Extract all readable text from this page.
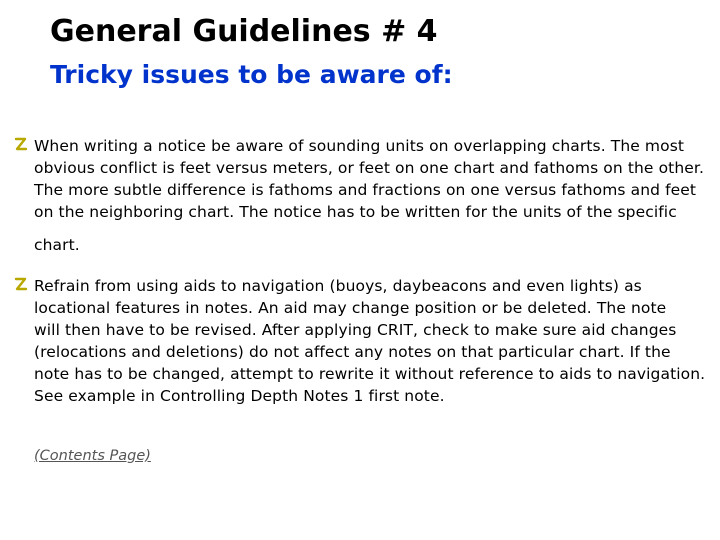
General Guidelines # 4
Tricky issues to be aware of:
When writing a notice be aware of sounding units on overlapping charts. The most
obvious conflict is feet versus meters, or feet on one chart and fathoms on the other.
The more subtle difference is fathoms and fractions on one versus fathoms and feet
on the neighboring chart. The notice has to be written for the units of the specific
chart.
Refrain from using aids to navigation (buoys, daybeacons and even lights) as
locational features in notes. An aid may change position or be deleted. The note
will then have to be revised. After applying CRIT, check to make sure aid changes
(relocations and deletions) do not affect any notes on that particular chart. If the
note has to be changed, attempt to rewrite it without reference to aids to navigation.
See example in Controlling Depth Notes 1 first note.
(Contents Page)
